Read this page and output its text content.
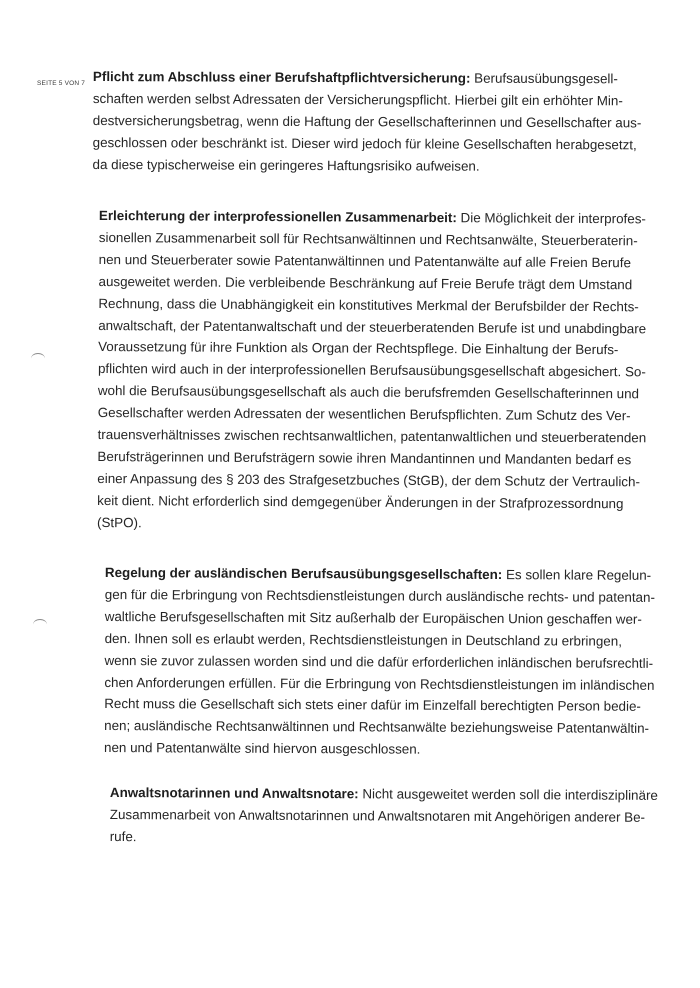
SEITE 5 VON 7 Pflicht zum Abschluss einer Berufshaftpflichtversicherung: Berufsausübungsgesell-
schaften werden selbst Adressaten der Versicherungspflicht. Hierbei gilt ein erhöhter Min-
destversicherungsbetrag, wenn die Haftung der Gesellschafterinnen und Gesellschafter aus-
geschlossen oder beschränkt ist. Dieser wird jedoch für kleine Gesellschaften herabgesetzt,
da diese typischerweise ein geringeres Haftungsrisiko aufweisen.
Erleichterung der interprofessionellen Zusammenarbeit: Die Möglichkeit der interprofes-
sionellen Zusammenarbeit soll für Rechtsanwältinnen und Rechtsanwälte, Steuerberaterin-
nen und Steuerberater sowie Patentanwältinnen und Patentanwälte auf alle Freien Berufe
ausgeweitet werden. Die verbleibende Beschränkung auf Freie Berufe trägt dem Umstand
Rechnung, dass die Unabhängigkeit ein konstitutives Merkmal der Berufsbilder der Rechts-
anwaltschaft, der Patentanwaltschaft und der steuerberatenden Berufe ist und unabdingbare
Voraussetzung für ihre Funktion als Organ der Rechtspflege. Die Einhaltung der Berufs-
pflichten wird auch in der interprofessionellen Berufsausübungsgesellschaft abgesichert. So-
wohl die Berufsausübungsgesellschaft als auch die berufsfremden Gesellschafterinnen und
Gesellschafter werden Adressaten der wesentlichen Berufspflichten. Zum Schutz des Ver-
trauensverhältnisses zwischen rechtsanwaltlichen, patentanwaltlichen und steuerberatenden
Berufsträgerinnen und Berufsträgern sowie ihren Mandantinnen und Mandanten bedarf es
einer Anpassung des § 203 des Strafgesetzbuches (StGB), der dem Schutz der Vertraulich-
keit dient. Nicht erforderlich sind demgegenüber Änderungen in der Strafprozessordnung
(StPO).
Regelung der ausländischen Berufsausübungsgesellschaften: Es sollen klare Regelun-
gen für die Erbringung von Rechtsdienstleistungen durch ausländische rechts- und patentan-
waltliche Berufsgesellschaften mit Sitz außerhalb der Europäischen Union geschaffen wer-
den. Ihnen soll es erlaubt werden, Rechtsdienstleistungen in Deutschland zu erbringen,
wenn sie zuvor zulassen worden sind und die dafür erforderlichen inländischen berufsrechtli-
chen Anforderungen erfüllen. Für die Erbringung von Rechtsdienstleistungen im inländischen
Recht muss die Gesellschaft sich stets einer dafür im Einzelfall berechtigten Person bedie-
nen; ausländische Rechtsanwältinnen und Rechtsanwälte beziehungsweise Patentanwältin-
nen und Patentanwälte sind hiervon ausgeschlossen.
Anwaltsnotarinnen und Anwaltsnotare: Nicht ausgeweitet werden soll die interdisziplinäre
Zusammenarbeit von Anwaltsnotarinnen und Anwaltsnotaren mit Angehörigen anderer Be-
rufe.
